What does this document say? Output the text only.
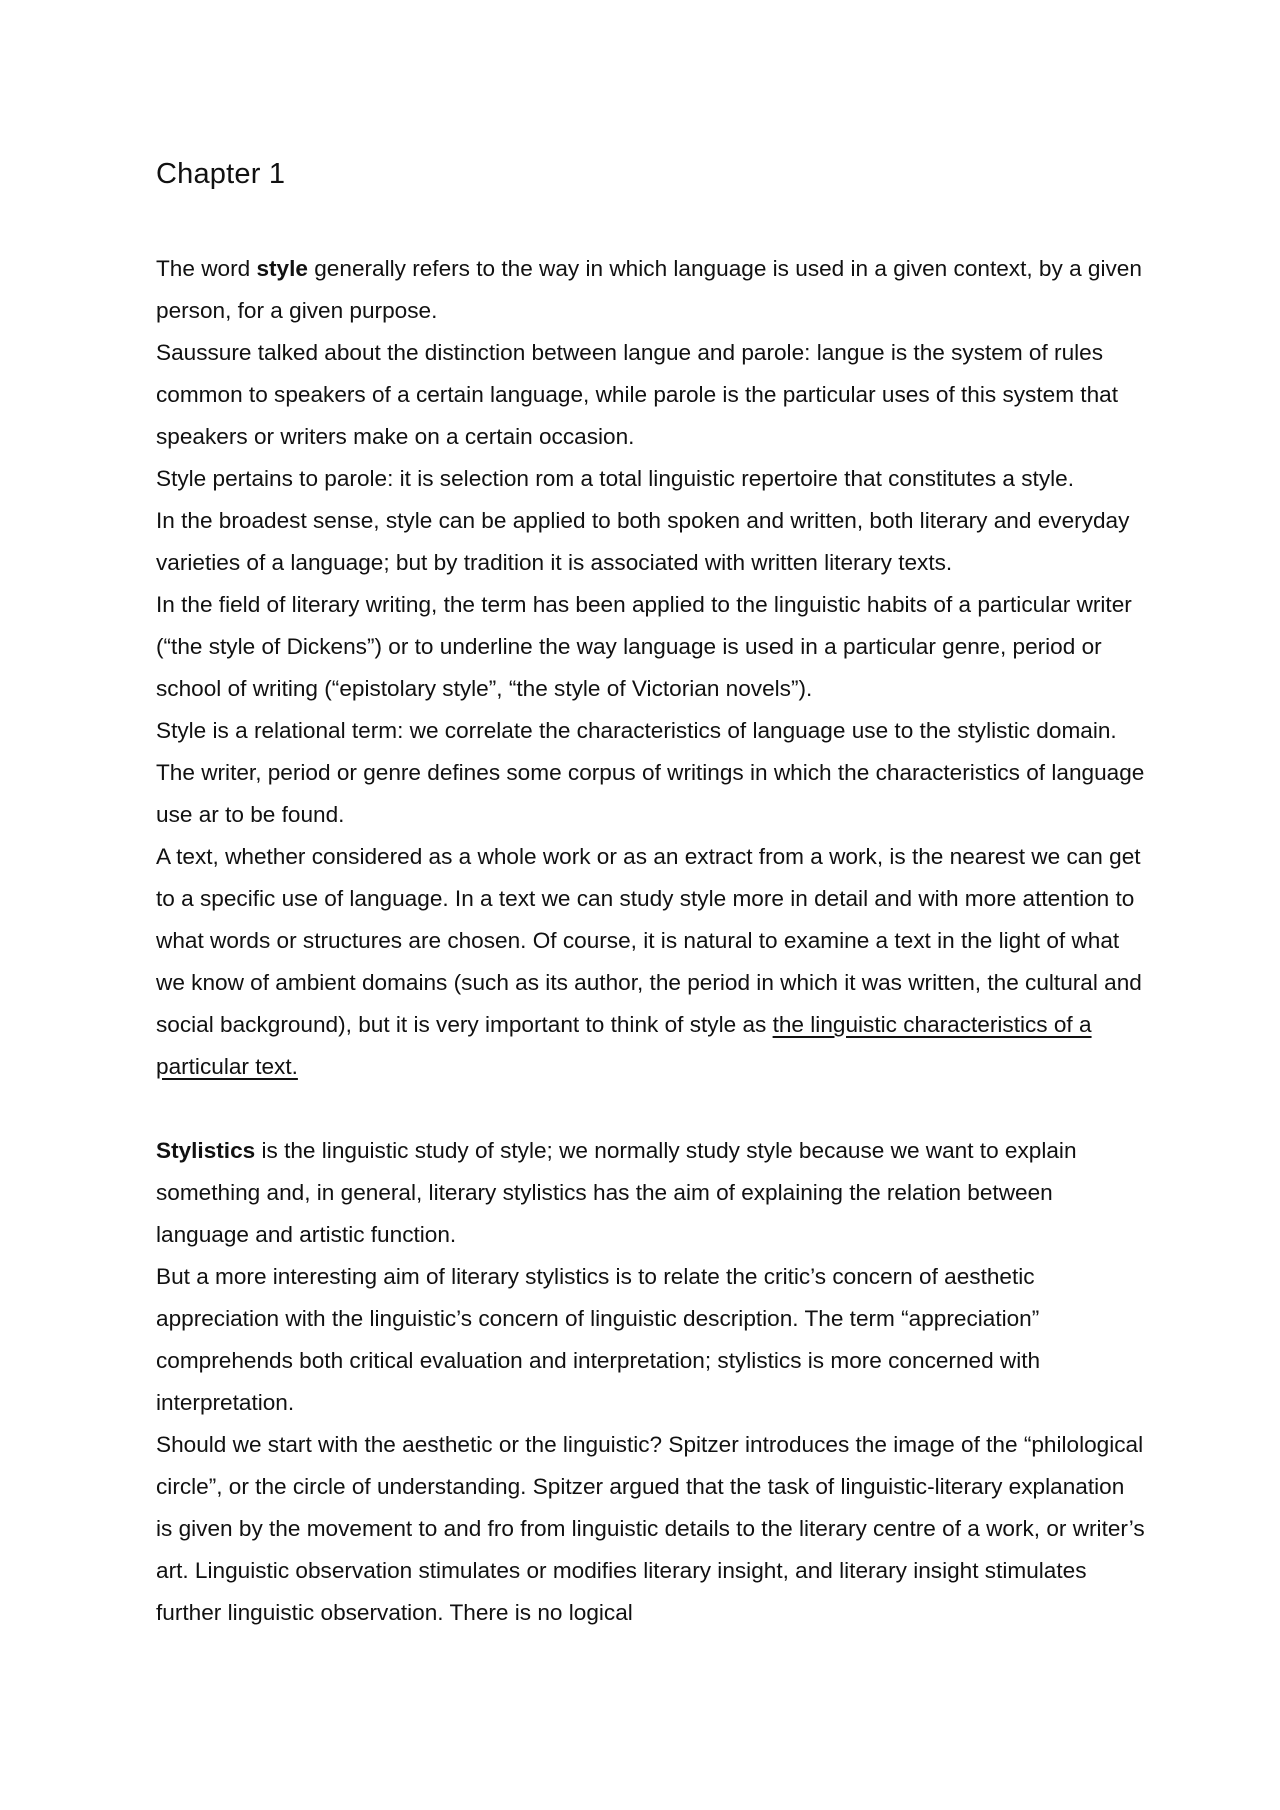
Chapter 1

The word style generally refers to the way in which language is used in a given context, by a given person, for a given purpose.

Saussure talked about the distinction between langue and parole: langue is the system of rules common to speakers of a certain language, while parole is the particular uses of this system that speakers or writers make on a certain occasion.

Style pertains to parole: it is selection rom a total linguistic repertoire that constitutes a style.

In the broadest sense, style can be applied to both spoken and written, both literary and everyday varieties of a language; but by tradition it is associated with written literary texts.

In the field of literary writing, the term has been applied to the linguistic habits of a particular writer (“the style of Dickens”) or to underline the way language is used in a particular genre, period or school of writing (“epistolary style”, “the style of Victorian novels”).

Style is a relational term: we correlate the characteristics of language use to the stylistic domain. The writer, period or genre defines some corpus of writings in which the characteristics of language use ar to be found.

A text, whether considered as a whole work or as an extract from a work, is the nearest we can get to a specific use of language. In a text we can study style more in detail and with more attention to what words or structures are chosen. Of course, it is natural to examine a text in the light of what we know of ambient domains (such as its author, the period in which it was written, the cultural and social background), but it is very important to think of style as the linguistic characteristics of a particular text.

Stylistics is the linguistic study of style; we normally study style because we want to explain something and, in general, literary stylistics has the aim of explaining the relation between language and artistic function.

But a more interesting aim of literary stylistics is to relate the critic’s concern of aesthetic appreciation with the linguistic’s concern of linguistic description. The term “appreciation” comprehends both critical evaluation and interpretation; stylistics is more concerned with interpretation.

Should we start with the aesthetic or the linguistic? Spitzer introduces the image of the “philological circle”, or the circle of understanding. Spitzer argued that the task of linguistic-literary explanation is given by the movement to and fro from linguistic details to the literary centre of a work, or writer’s art. Linguistic observation stimulates or modifies literary insight, and literary insight stimulates further linguistic observation. There is no logical
